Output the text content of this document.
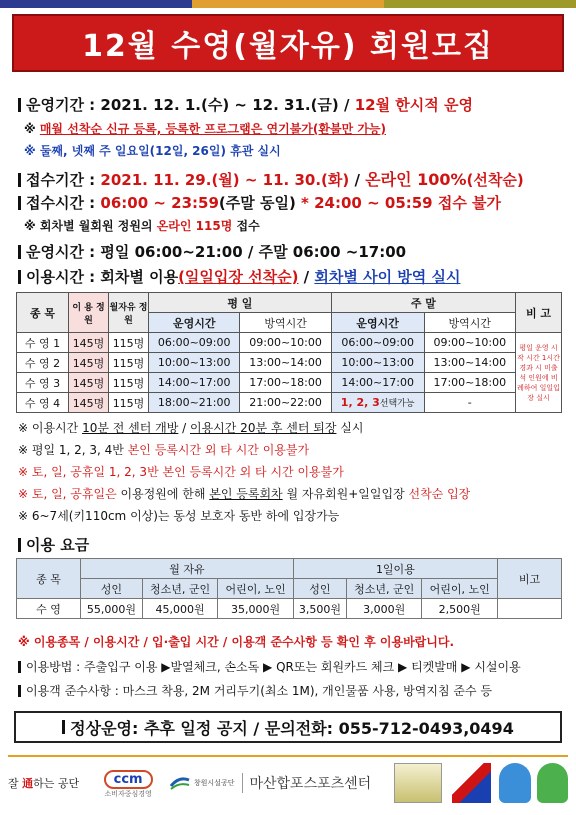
12월 수영(월자유) 회원모집
운영기간 : 2021. 12. 1.(수) ~ 12. 31.(금) / 12월 한시적 운영
※ 매월 선착순 신규 등록, 등록한 프로그램은 연기불가(환불만 가능)
※ 둘째, 넷째 주 일요일(12일, 26일) 휴관 실시
접수기간 : 2021. 11. 29.(월) ~ 11. 30.(화) / 온라인 100%(선착순)
접수시간 : 06:00 ~ 23:59(주말 동일) * 24:00 ~ 05:59 접수 불가
※ 회차별 월회원 정원의 온라인 115명 접수
운영시간 : 평일 06:00~21:00 / 주말 06:00 ~17:00
이용시간 : 회차별 이용(일일입장 선착순) / 회차별 사이 방역 실시
종 목	이 용 정 원	월자유 정원	평 일		주 말		비 고
			운영시간	방역시간	운영시간	방역시간	
수 영 1	145명	115명	06:00~09:00	09:00~10:00	06:00~09:00	09:00~10:00	평일 운영 시작 시간 1시간 경과 시 미출석 인원에 비례하여 일일입장 실시
수 영 2	145명	115명	10:00~13:00	13:00~14:00	10:00~13:00	13:00~14:00	
수 영 3	145명	115명	14:00~17:00	17:00~18:00	14:00~17:00	17:00~18:00	
수 영 4	145명	115명	18:00~21:00	21:00~22:00	1, 2, 3선택가능	-	
※ 이용시간 10분 전 센터 개방 / 이용시간 20분 후 센터 퇴장 실시
※ 평일 1, 2, 3, 4반 본인 등록시간 외 타 시간 이용불가
※ 토, 일, 공휴일 1, 2, 3반 본인 등록시간 외 타 시간 이용불가
※ 토, 일, 공휴일은 이용정원에 한해 본인 등록회차 월 자유회원+일일입장 선착순 입장
※ 6~7세(키110cm 이상)는 동성 보호자 동반 하에 입장가능
이용 요금
종 목	월 자유			1일이용			비고
	성인	청소년, 군인	어린이, 노인	성인	청소년, 군인	어린이, 노인	
수 영	55,000원	45,000원	35,000원	3,500원	3,000원	2,500원	
※ 이용종목 / 이용시간 / 입·출입 시간 / 이용객 준수사항 등 확인 후 이용바랍니다.
이용방법 : 주출입구 이용 ▶발열체크, 손소독 ▶ QR또는 회원카드 체크 ▶ 티켓발매 ▶ 시설이용
이용객 준수사항 : 마스크 착용, 2M 거리두기(최소 1M), 개인물품 사용, 방역지침 준수 등
정상운영: 추후 일정 공지 / 문의전화: 055-712-0493,0494
잘 通하는 공단	ccm
소비자중심경영
창원시설공단	마산합포스포츠센터
